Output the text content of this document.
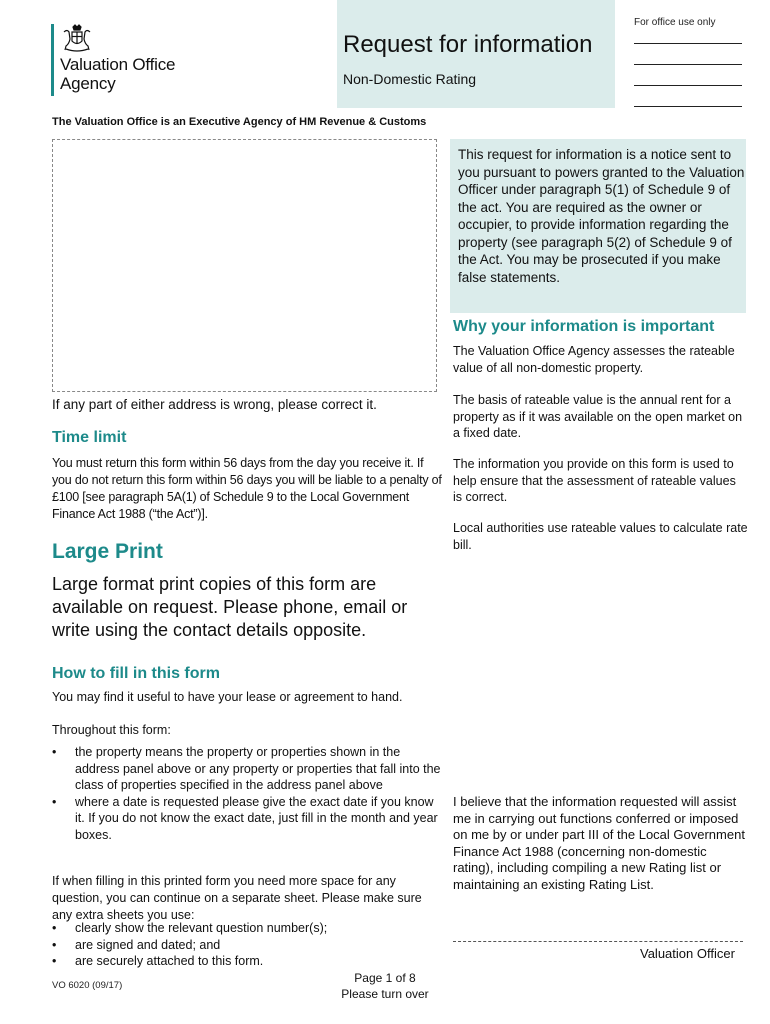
Valuation Office
Agency
Request for information
Non-Domestic Rating
For office use only
The Valuation Office is an Executive Agency of HM Revenue & Customs
If any part of either address is wrong, please correct it.
Time limit
You must return this form within 56 days from the day you receive it. If you do not return this form within 56 days you will be liable to a penalty of £100 [see paragraph 5A(1) of Schedule 9 to the Local Government Finance Act 1988 (“the Act”)].
Large Print
Large format print copies of this form are available on request. Please phone, email or write using the contact details opposite.
How to fill in this form
You may find it useful to have your lease or agreement to hand.
Throughout this form:
• the property means the property or properties shown in the address panel above or any property or properties that fall into the class of properties specified in the address panel above
• where a date is requested please give the exact date if you know it. If you do not know the exact date, just fill in the month and year boxes.
If when filling in this printed form you need more space for any question, you can continue on a separate sheet. Please make sure any extra sheets you use:
• clearly show the relevant question number(s);
• are signed and dated; and
• are securely attached to this form.
This request for information is a notice sent to you pursuant to powers granted to the Valuation Officer under paragraph 5(1) of Schedule 9 of the act. You are required as the owner or occupier, to provide information regarding the property (see paragraph 5(2) of Schedule 9 of the Act. You may be prosecuted if you make false statements.
Why your information is important
The Valuation Office Agency assesses the rateable value of all non-domestic property.
The basis of rateable value is the annual rent for a property as if it was available on the open market on a fixed date.
The information you provide on this form is used to help ensure that the assessment of rateable values is correct.
Local authorities use rateable values to calculate rate bill.
I believe that the information requested will assist me in carrying out functions conferred or imposed on me by or under part III of the Local Government Finance Act 1988 (concerning non-domestic rating), including compiling a new Rating list or maintaining an existing Rating List.
Valuation Officer
VO 6020 (09/17)
Page 1 of 8
Please turn over
